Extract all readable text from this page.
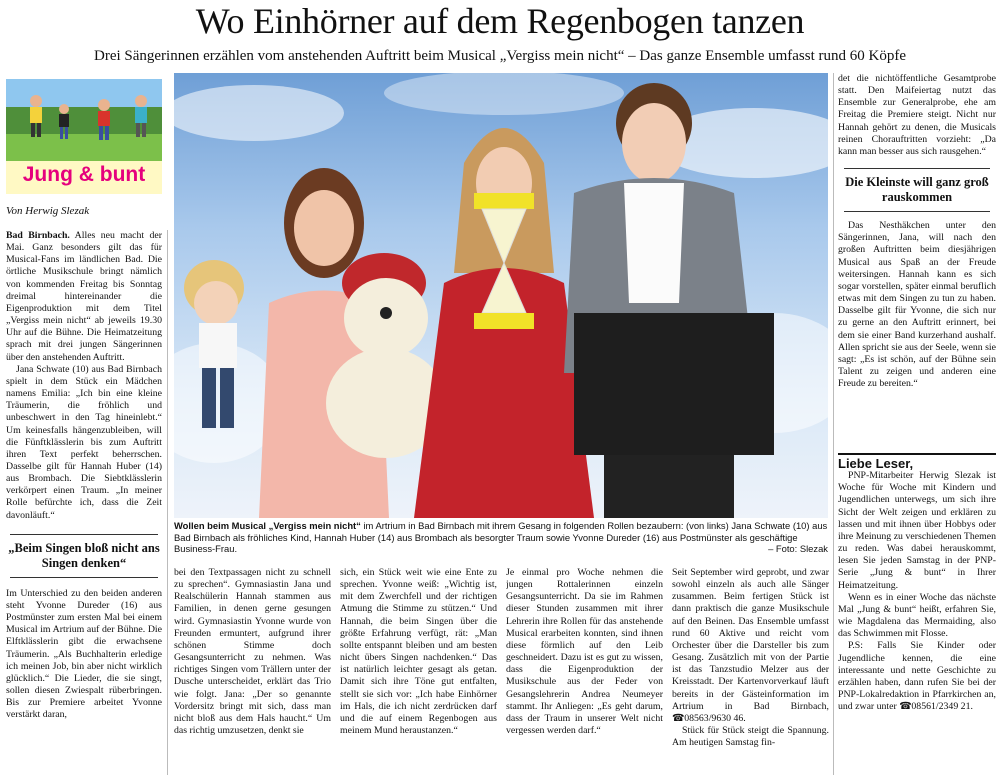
Wo Einhörner auf dem Regenbogen tanzen
Drei Sängerinnen erzählen vom anstehenden Auftritt beim Musical „Vergiss mein nicht“ – Das ganze Ensemble umfasst rund 60 Köpfe
Jung & bunt
Von Herwig Slezak

Bad Birnbach. Alles neu macht der Mai. Ganz besonders gilt das für Musical-Fans im ländlichen Bad. Die örtliche Musikschule bringt nämlich von kommenden Freitag bis Sonntag dreimal hintereinander die Eigenproduktion mit dem Titel „Vergiss mein nicht“ ab jeweils 19.30 Uhr auf die Bühne. Die Heimatzeitung sprach mit drei jungen Sängerinnen über den anstehenden Auftritt.

Jana Schwate (10) aus Bad Birnbach spielt in dem Stück ein Mädchen namens Emilia: „Ich bin eine kleine Träumerin, die fröhlich und unbeschwert in den Tag hineinlebt.“ Um keinesfalls hängenzubleiben, will die Fünftklässlerin bis zum Auftritt ihren Text perfekt beherrschen. Dasselbe gilt für Hannah Huber (14) aus Brombach. Die Siebtklässlerin verkörpert einen Traum. „In meiner Rolle befürchte ich, dass die Zeit davonläuft.“

„Beim Singen bloß nicht ans Singen denken“

Im Unterschied zu den beiden anderen steht Yvonne Dureder (16) aus Postmünster zum ersten Mal bei einem Musical im Artrium auf der Bühne. Die Elftklässlerin gibt die erwachsene Träumerin. „Als Buchhalterin erledige ich meinen Job, bin aber nicht wirklich glücklich.“ Die Lieder, die sie singt, sollen diesen Zwiespalt rüberbringen. Bis zur Premiere arbeitet Yvonne verstärkt daran,

Wollen beim Musical „Vergiss mein nicht“ im Artrium in Bad Birnbach mit ihrem Gesang in folgenden Rollen bezaubern: (von links) Jana Schwate (10) aus Bad Birnbach als fröhliches Kind, Hannah Huber (14) aus Brombach als besorgter Traum sowie Yvonne Dureder (16) aus Postmünster als geschäftige Business-Frau.	– Foto: Slezak

bei den Textpassagen nicht zu schnell zu sprechen“. Gymnasiastin Jana und Realschülerin Hannah stammen aus Familien, in denen gerne gesungen wird. Gymnasiastin Yvonne wurde von Freunden ermuntert, aufgrund ihrer schönen Stimme doch Gesangsunterricht zu nehmen. Was richtiges Singen vom Trällern unter der Dusche unterscheidet, erklärt das Trio wie folgt. Jana: „Der so genannte Vordersitz bringt mit sich, dass man nicht bloß aus dem Hals haucht.“ Um das richtig umzusetzen, denkt sie

sich, ein Stück weit wie eine Ente zu sprechen. Yvonne weiß: „Wichtig ist, mit dem Zwerchfell und der richtigen Atmung die Stimme zu stützen.“ Und Hannah, die beim Singen über die größte Erfahrung verfügt, rät: „Man sollte entspannt bleiben und am besten nicht übers Singen nachdenken.“ Das ist natürlich leichter gesagt als getan. Damit sich ihre Töne gut entfalten, stellt sie sich vor: „Ich habe Einhörner im Hals, die ich nicht zerdrücken darf und die auf einem Regenbogen aus meinem Mund heraustanzen.“

Je einmal pro Woche nehmen die jungen Rottalerinnen einzeln Gesangsunterricht. Da sie im Rahmen dieser Stunden zusammen mit ihrer Lehrerin ihre Rollen für das anstehende Musical erarbeiten konnten, sind ihnen diese förmlich auf den Leib geschneidert. Dazu ist es gut zu wissen, dass die Eigenproduktion der Musikschule aus der Feder von Gesangslehrerin Andrea Neumeyer stammt. Ihr Anliegen: „Es geht darum, dass der Traum in unserer Welt nicht vergessen werden darf.“

Seit September wird geprobt, und zwar sowohl einzeln als auch alle Sänger zusammen. Beim fertigen Stück ist dann praktisch die ganze Musikschule auf den Beinen. Das Ensemble umfasst rund 60 Aktive und reicht vom Orchester über die Darsteller bis zum Gesang. Zusätzlich mit von der Partie ist das Tanzstudio Melzer aus der Kreisstadt. Der Kartenvorverkauf läuft bereits in der Gästeinformation im Artrium in Bad Birnbach, ☎08563/9630 46.

Stück für Stück steigt die Spannung. Am heutigen Samstag fin-

det die nichtöffentliche Gesamtprobe statt. Den Maifeiertag nutzt das Ensemble zur Generalprobe, ehe am Freitag die Premiere steigt. Nicht nur Hannah gehört zu denen, die Musicals reinen Chorauftritten vorzieht: „Da kann man besser aus sich rausgehen.“

Die Kleinste will ganz groß rauskommen

Das Nesthäkchen unter den Sängerinnen, Jana, will nach den großen Auftritten beim diesjährigen Musical aus Spaß an der Freude weitersingen. Hannah kann es sich sogar vorstellen, später einmal beruflich etwas mit dem Singen zu tun zu haben. Dasselbe gilt für Yvonne, die sich nur zu gerne an den Auftritt erinnert, bei dem sie einer Band kurzerhand aushalf. Allen spricht sie aus der Seele, wenn sie sagt: „Es ist schön, auf der Bühne sein Talent zu zeigen und anderen eine Freude zu bereiten.“

Liebe Leser,

PNP-Mitarbeiter Herwig Slezak ist Woche für Woche mit Kindern und Jugendlichen unterwegs, um sich ihre Sicht der Welt zeigen und erklären zu lassen und mit ihnen über Hobbys oder ihre Meinung zu verschiedenen Themen zu reden. Was dabei herauskommt, lesen Sie jeden Samstag in der PNP-Serie „Jung & bunt“ in Ihrer Heimatzeitung.

Wenn es in einer Woche das nächste Mal „Jung & bunt“ heißt, erfahren Sie, wie Magdalena das Mermaiding, also das Schwimmen mit Flosse.

P.S: Falls Sie Kinder oder Jugendliche kennen, die eine interessante und nette Geschichte zu erzählen haben, dann rufen Sie bei der PNP-Lokalredaktion in Pfarrkirchen an, und zwar unter ☎08561/2349 21.
